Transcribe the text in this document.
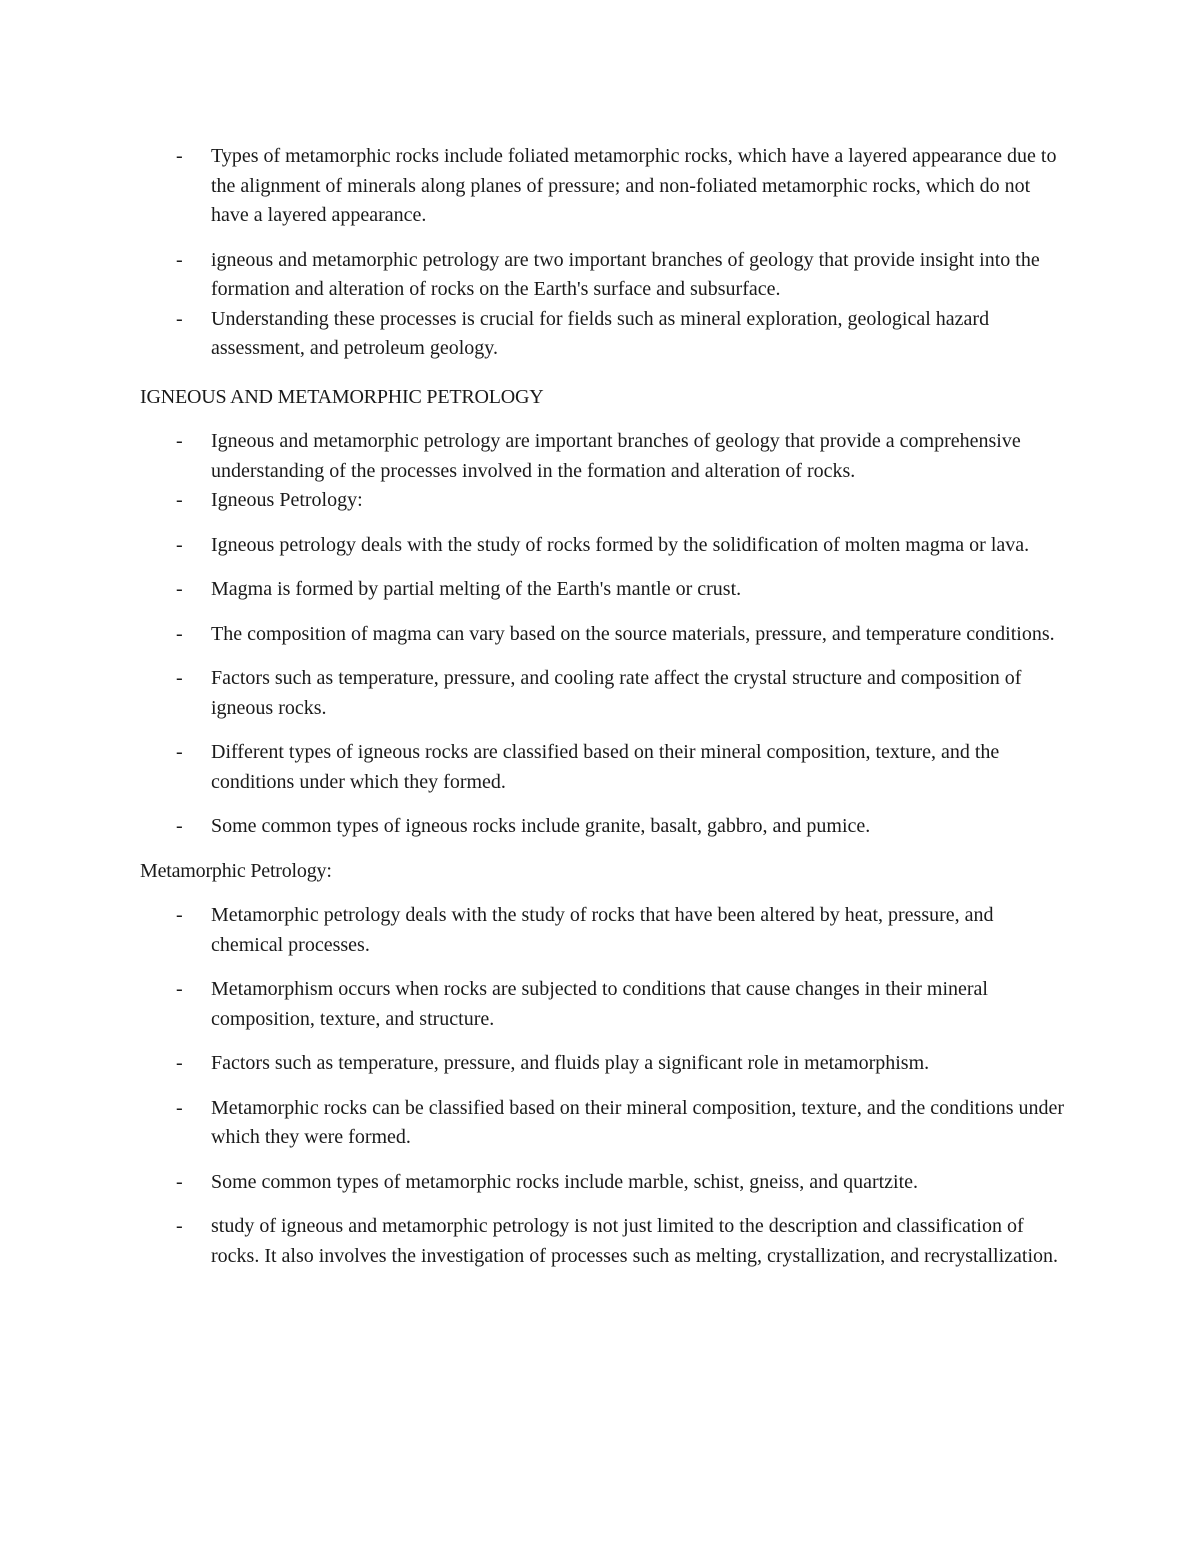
- Types of metamorphic rocks include foliated metamorphic rocks, which have a layered appearance due to the alignment of minerals along planes of pressure; and non-foliated metamorphic rocks, which do not have a layered appearance.
- igneous and metamorphic petrology are two important branches of geology that provide insight into the formation and alteration of rocks on the Earth's surface and subsurface.
- Understanding these processes is crucial for fields such as mineral exploration, geological hazard assessment, and petroleum geology.

IGNEOUS AND METAMORPHIC PETROLOGY

- Igneous and metamorphic petrology are important branches of geology that provide a comprehensive understanding of the processes involved in the formation and alteration of rocks.
- Igneous Petrology:
- Igneous petrology deals with the study of rocks formed by the solidification of molten magma or lava.
- Magma is formed by partial melting of the Earth's mantle or crust.
- The composition of magma can vary based on the source materials, pressure, and temperature conditions.
- Factors such as temperature, pressure, and cooling rate affect the crystal structure and composition of igneous rocks.
- Different types of igneous rocks are classified based on their mineral composition, texture, and the conditions under which they formed.
- Some common types of igneous rocks include granite, basalt, gabbro, and pumice.

Metamorphic Petrology:

- Metamorphic petrology deals with the study of rocks that have been altered by heat, pressure, and chemical processes.
- Metamorphism occurs when rocks are subjected to conditions that cause changes in their mineral composition, texture, and structure.
- Factors such as temperature, pressure, and fluids play a significant role in metamorphism.
- Metamorphic rocks can be classified based on their mineral composition, texture, and the conditions under which they were formed.
- Some common types of metamorphic rocks include marble, schist, gneiss, and quartzite.
- study of igneous and metamorphic petrology is not just limited to the description and classification of rocks. It also involves the investigation of processes such as melting, crystallization, and recrystallization.
